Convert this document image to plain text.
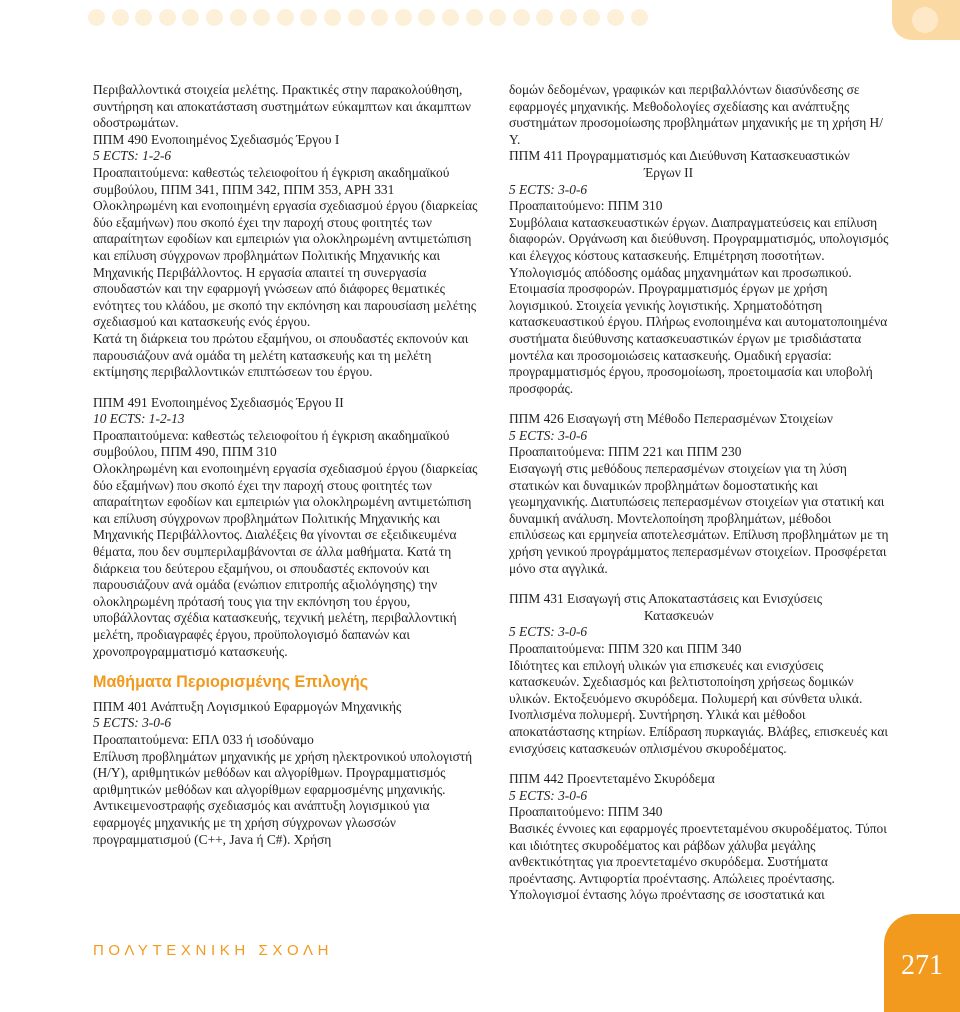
Περιβαλλοντικά στοιχεία μελέτης. Πρακτικές στην παρακολούθηση, συντήρηση και αποκατάσταση συστημάτων εύκαμπτων και άκαμπτων οδοστρωμάτων.

ΠΠΜ 490 Ενοποιημένος Σχεδιασμός Έργου Ι

5 ECTS: 1-2-6

Προαπαιτούμενα: καθεστώς τελειοφοίτου ή έγκριση ακαδημαϊκού συμβούλου, ΠΠΜ 341, ΠΠΜ 342, ΠΠΜ 353, ΑΡΗ 331

Ολοκληρωμένη και ενοποιημένη εργασία σχεδιασμού έργου (διαρκείας δύο εξαμήνων) που σκοπό έχει την παροχή στους φοιτητές των απαραίτητων εφοδίων και εμπειριών για ολοκληρωμένη αντιμετώπιση και επίλυση σύγχρονων προβλημάτων Πολιτικής Μηχανικής και Μηχανικής Περιβάλλοντος. Η εργασία απαιτεί τη συνεργασία σπουδαστών και την εφαρμογή γνώσεων από διάφορες θεματικές ενότητες του κλάδου, με σκοπό την εκπόνηση και παρουσίαση μελέτης σχεδιασμού και κατασκευής ενός έργου.

Κατά τη διάρκεια του πρώτου εξαμήνου, οι σπουδαστές εκπονούν και παρουσιάζουν ανά ομάδα τη μελέτη κατασκευής και τη μελέτη εκτίμησης περιβαλλοντικών επιπτώσεων του έργου.

ΠΠΜ 491 Ενοποιημένος Σχεδιασμός Έργου ΙΙ

10 ECTS: 1-2-13

Προαπαιτούμενα: καθεστώς τελειοφοίτου ή έγκριση ακαδημαϊκού συμβούλου, ΠΠΜ 490, ΠΠΜ 310

Ολοκληρωμένη και ενοποιημένη εργασία σχεδιασμού έργου (διαρκείας δύο εξαμήνων) που σκοπό έχει την παροχή στους φοιτητές των απαραίτητων εφοδίων και εμπειριών για ολοκληρωμένη αντιμετώπιση και επίλυση σύγχρονων προβλημάτων Πολιτικής Μηχανικής και Μηχανικής Περιβάλλοντος. Διαλέξεις θα γίνονται σε εξειδικευμένα θέματα, που δεν συμπεριλαμβάνονται σε άλλα μαθήματα. Κατά τη διάρκεια του δεύτερου εξαμήνου, οι σπουδαστές εκπονούν και παρουσιάζουν ανά ομάδα (ενώπιον επιτροπής αξιολόγησης) την ολοκληρωμένη πρότασή τους για την εκπόνηση του έργου, υποβάλλοντας σχέδια κατασκευής, τεχνική μελέτη, περιβαλλοντική μελέτη, προδιαγραφές έργου, προϋπολογισμό δαπανών και χρονοπρογραμματισμό κατασκευής.

Μαθήματα Περιορισμένης Επιλογής

ΠΠΜ 401 Ανάπτυξη Λογισμικού Εφαρμογών Μηχανικής

5 ECTS: 3-0-6

Προαπαιτούμενα: ΕΠΛ 033 ή ισοδύναμο

Επίλυση προβλημάτων μηχανικής με χρήση ηλεκτρονικού υπολογιστή (Η/Υ), αριθμητικών μεθόδων και αλγορίθμων. Προγραμματισμός αριθμητικών μεθόδων και αλγορίθμων εφαρμοσμένης μηχανικής. Αντικειμενοστραφής σχεδιασμός και ανάπτυξη λογισμικού για εφαρμογές μηχανικής με τη χρήση σύγχρονων γλωσσών προγραμματισμού (C++, Java ή C#). Χρήση

δομών δεδομένων, γραφικών και περιβαλλόντων διασύνδεσης σε εφαρμογές μηχανικής. Μεθοδολογίες σχεδίασης και ανάπτυξης συστημάτων προσομοίωσης προβλημάτων μηχανικής με τη χρήση Η/Υ.

ΠΠΜ 411 Προγραμματισμός και Διεύθυνση Κατασκευαστικών
Έργων ΙΙ

5 ECTS: 3-0-6

Προαπαιτούμενο: ΠΠΜ 310

Συμβόλαια κατασκευαστικών έργων. Διαπραγματεύσεις και επίλυση διαφορών. Οργάνωση και διεύθυνση. Προγραμματισμός, υπολογισμός και έλεγχος κόστους κατασκευής. Επιμέτρηση ποσοτήτων. Υπολογισμός απόδοσης ομάδας μηχανημάτων και προσωπικού. Ετοιμασία προσφορών. Προγραμματισμός έργων με χρήση λογισμικού. Στοιχεία γενικής λογιστικής. Χρηματοδότηση κατασκευαστικού έργου. Πλήρως ενοποιημένα και αυτοματοποιημένα συστήματα διεύθυνσης κατασκευαστικών έργων με τρισδιάστατα μοντέλα και προσομοιώσεις κατασκευής. Ομαδική εργασία: προγραμματισμός έργου, προσομοίωση, προετοιμασία και υποβολή προσφοράς.

ΠΠΜ 426 Εισαγωγή στη Μέθοδο Πεπερασμένων Στοιχείων

5 ECTS: 3-0-6

Προαπαιτούμενα: ΠΠΜ 221 και ΠΠΜ 230

Εισαγωγή στις μεθόδους πεπερασμένων στοιχείων για τη λύση στατικών και δυναμικών προβλημάτων δομοστατικής και γεωμηχανικής. Διατυπώσεις πεπερασμένων στοιχείων για στατική και δυναμική ανάλυση. Μοντελοποίηση προβλημάτων, μέθοδοι επιλύσεως και ερμηνεία αποτελεσμάτων. Επίλυση προβλημάτων με τη χρήση γενικού προγράμματος πεπερασμένων στοιχείων. Προσφέρεται μόνο στα αγγλικά.

ΠΠΜ 431 Εισαγωγή στις Αποκαταστάσεις και Ενισχύσεις
Κατασκευών

5 ECTS: 3-0-6

Προαπαιτούμενα: ΠΠΜ 320 και ΠΠΜ 340

Ιδιότητες και επιλογή υλικών για επισκευές και ενισχύσεις κατασκευών. Σχεδιασμός και βελτιστοποίηση χρήσεως δομικών υλικών. Εκτοξευόμενο σκυρόδεμα. Πολυμερή και σύνθετα υλικά. Ινοπλισμένα πολυμερή. Συντήρηση. Υλικά και μέθοδοι αποκατάστασης κτηρίων. Επίδραση πυρκαγιάς. Βλάβες, επισκευές και ενισχύσεις κατασκευών οπλισμένου σκυροδέματος.

ΠΠΜ 442 Προεντεταμένο Σκυρόδεμα

5 ECTS: 3-0-6

Προαπαιτούμενο: ΠΠΜ 340

Βασικές έννοιες και εφαρμογές προεντεταμένου σκυροδέματος. Τύποι και ιδιότητες σκυροδέματος και ράβδων χάλυβα μεγάλης ανθεκτικότητας για προεντεταμένο σκυρόδεμα. Συστήματα προέντασης. Αντιφορτία προέντασης. Απώλειες προέντασης. Υπολογισμοί έντασης λόγω προέντασης σε ισοστατικά και

ΠΟΛΥΤΕΧΝΙΚΗ ΣΧΟΛΗ	271
